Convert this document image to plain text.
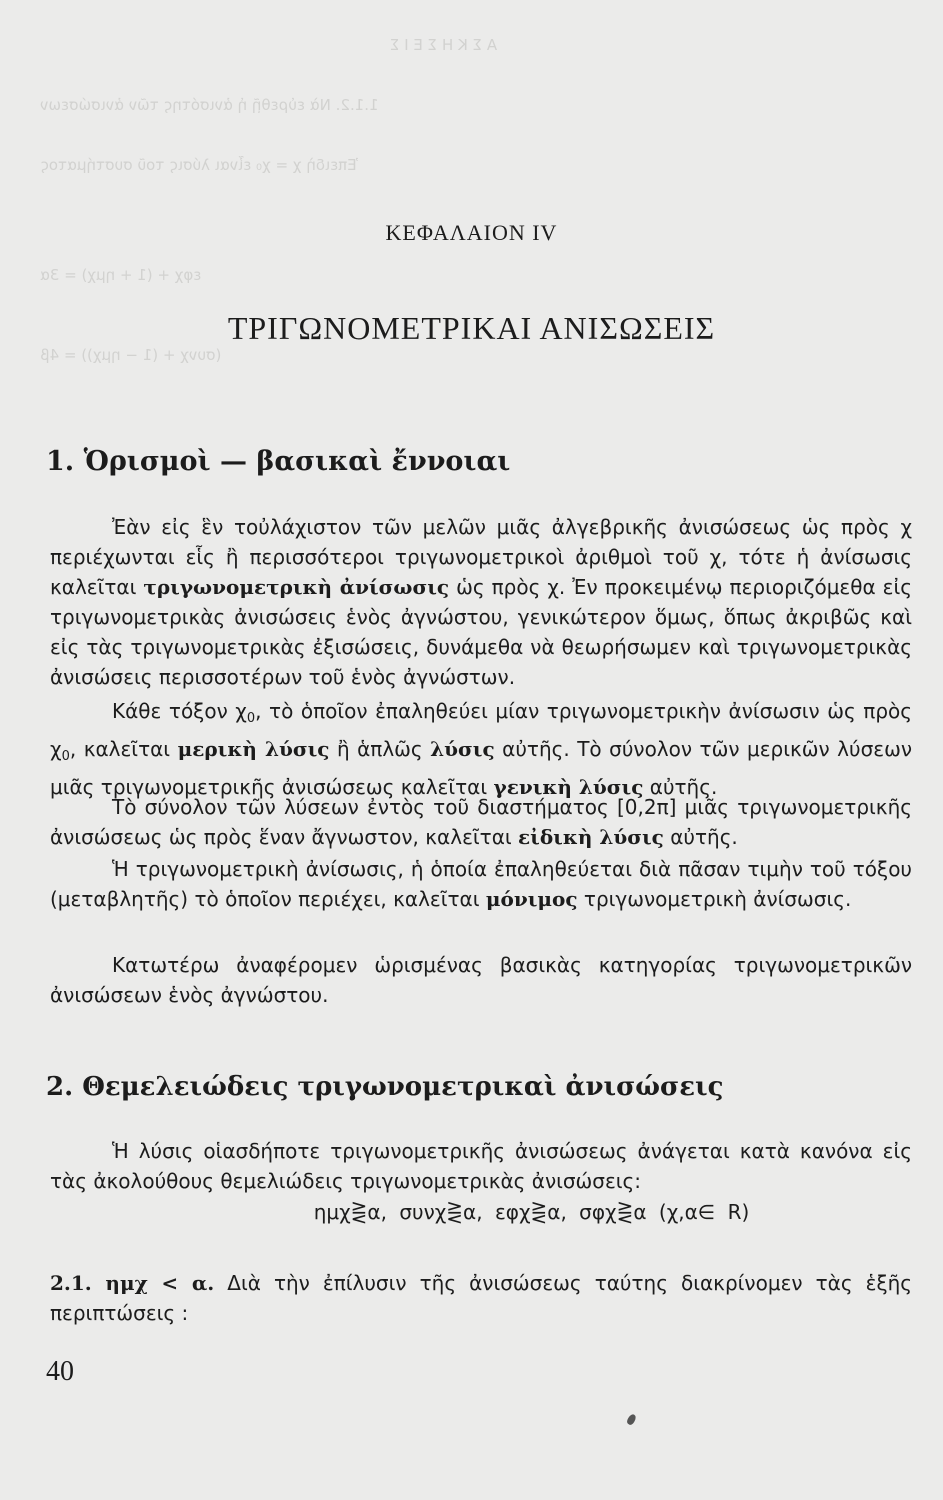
Α Σ Κ Η Σ Ε Ι Σ
1.1.2. Νὰ εὑρεθῇ ἡ ἀνισότης τῶν ἀνισώσεων
Ἐπειδὴ χ = χ₀ εἶναι λύσις τοῦ συστήματος
εφχ + (1 + ημχ) = 3α
(συνχ + (1 − ημχ)) = 4β
ΚΕΦΑΛΑΙΟΝ IV
ΤΡΙΓΩΝΟΜΕΤΡΙΚΑΙ ΑΝΙΣΩΣΕΙΣ
1. Ὁρισμοὶ — βασικαὶ ἔννοιαι

Ἐὰν εἰς ἓν τοὐλάχιστον τῶν μελῶν μιᾶς ἀλγεβρικῆς ἀνισώσεως ὡς πρὸς χ περιέχωνται εἷς ἢ περισσότεροι τριγωνομετρικοὶ ἀριθμοὶ τοῦ χ, τότε ἡ ἀνίσωσις καλεῖται τριγωνομετρικὴ ἀνίσωσις ὡς πρὸς χ. Ἐν προκειμένῳ περιοριζόμεθα εἰς τριγωνομετρικὰς ἀνισώσεις ἑνὸς ἀγνώστου, γενικώτερον ὅμως, ὅπως ἀκριβῶς καὶ εἰς τὰς τριγωνομετρικὰς ἐξισώσεις, δυνάμεθα νὰ θεωρήσωμεν καὶ τριγωνομετρικὰς ἀνισώσεις περισσοτέρων τοῦ ἑνὸς ἀγνώστων.

Κάθε τόξον $\chi_0$, τὸ ὁποῖον ἐπαληθεύει μίαν τριγωνομετρικὴν ἀνίσωσιν ὡς πρὸς $\chi_0$, καλεῖται μερικὴ λύσις ἢ ἁπλῶς λύσις αὐτῆς. Τὸ σύνολον τῶν μερικῶν λύσεων μιᾶς τριγωνομετρικῆς ἀνισώσεως καλεῖται γενικὴ λύσις αὐτῆς.

Τὸ σύνολον τῶν λύσεων ἐντὸς τοῦ διαστήματος [0,2π] μιᾶς τριγωνομετρικῆς ἀνισώσεως ὡς πρὸς ἕναν ἄγνωστον, καλεῖται εἰδικὴ λύσις αὐτῆς.

Ἡ τριγωνομετρικὴ ἀνίσωσις, ἡ ὁποία ἐπαληθεύεται διὰ πᾶσαν τιμὴν τοῦ τόξου (μεταβλητῆς) τὸ ὁποῖον περιέχει, καλεῖται μόνιμος τριγωνομετρικὴ ἀνίσωσις.

Κατωτέρω ἀναφέρομεν ὡρισμένας βασικὰς κατηγορίας τριγωνομετρικῶν ἀνισώσεων ἑνὸς ἀγνώστου.

2. Θεμελειώδεις τριγωνομετρικαὶ ἀνισώσεις

Ἡ λύσις οἱασδήποτε τριγωνομετρικῆς ἀνισώσεως ἀνάγεται κατὰ κανόνα εἰς τὰς ἀκολούθους θεμελιώδεις τριγωνομετρικὰς ἀνισώσεις:

ημχ⋛α, συνχ⋛α, εφχ⋛α, σφχ⋛α (χ,α∈ R)

2.1. ημχ < α. Διὰ τὴν ἐπίλυσιν τῆς ἀνισώσεως ταύτης διακρίνομεν τὰς ἑξῆς περιπτώσεις :

40
